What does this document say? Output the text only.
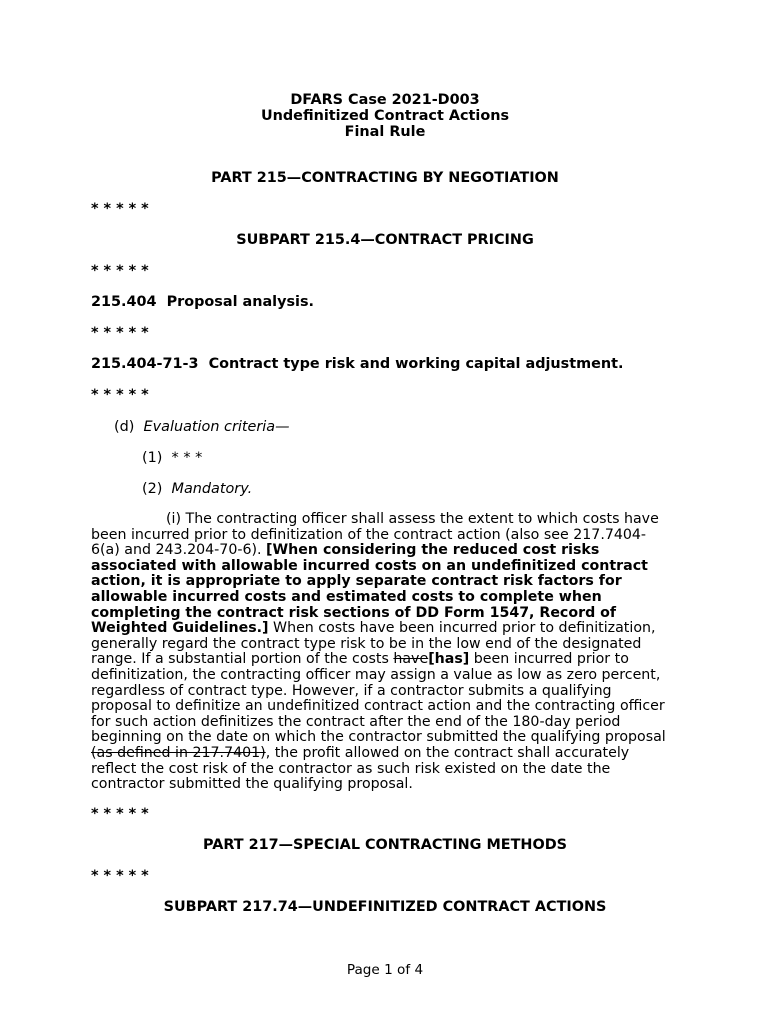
DFARS Case 2021-D003
Undefinitized Contract Actions
Final Rule
PART 215—CONTRACTING BY NEGOTIATION
* * * * *
SUBPART 215.4—CONTRACT PRICING
* * * * *
215.404 Proposal analysis.
* * * * *
215.404-71-3 Contract type risk and working capital adjustment.
* * * * *
(d) Evaluation criteria—
(1) * * *
(2) Mandatory.
(i) The contracting officer shall assess the extent to which costs have
been incurred prior to definitization of the contract action (also see 217.7404-
6(a) and 243.204-70-6). [When considering the reduced cost risks
associated with allowable incurred costs on an undefinitized contract
action, it is appropriate to apply separate contract risk factors for
allowable incurred costs and estimated costs to complete when
completing the contract risk sections of DD Form 1547, Record of
Weighted Guidelines.] When costs have been incurred prior to definitization,
generally regard the contract type risk to be in the low end of the designated
range. If a substantial portion of the costs have[has] been incurred prior to
definitization, the contracting officer may assign a value as low as zero percent,
regardless of contract type. However, if a contractor submits a qualifying
proposal to definitize an undefinitized contract action and the contracting officer
for such action definitizes the contract after the end of the 180-day period
beginning on the date on which the contractor submitted the qualifying proposal
(as defined in 217.7401), the profit allowed on the contract shall accurately
reflect the cost risk of the contractor as such risk existed on the date the
contractor submitted the qualifying proposal.
* * * * *
PART 217—SPECIAL CONTRACTING METHODS
* * * * *
SUBPART 217.74—UNDEFINITIZED CONTRACT ACTIONS
Page 1 of 4
